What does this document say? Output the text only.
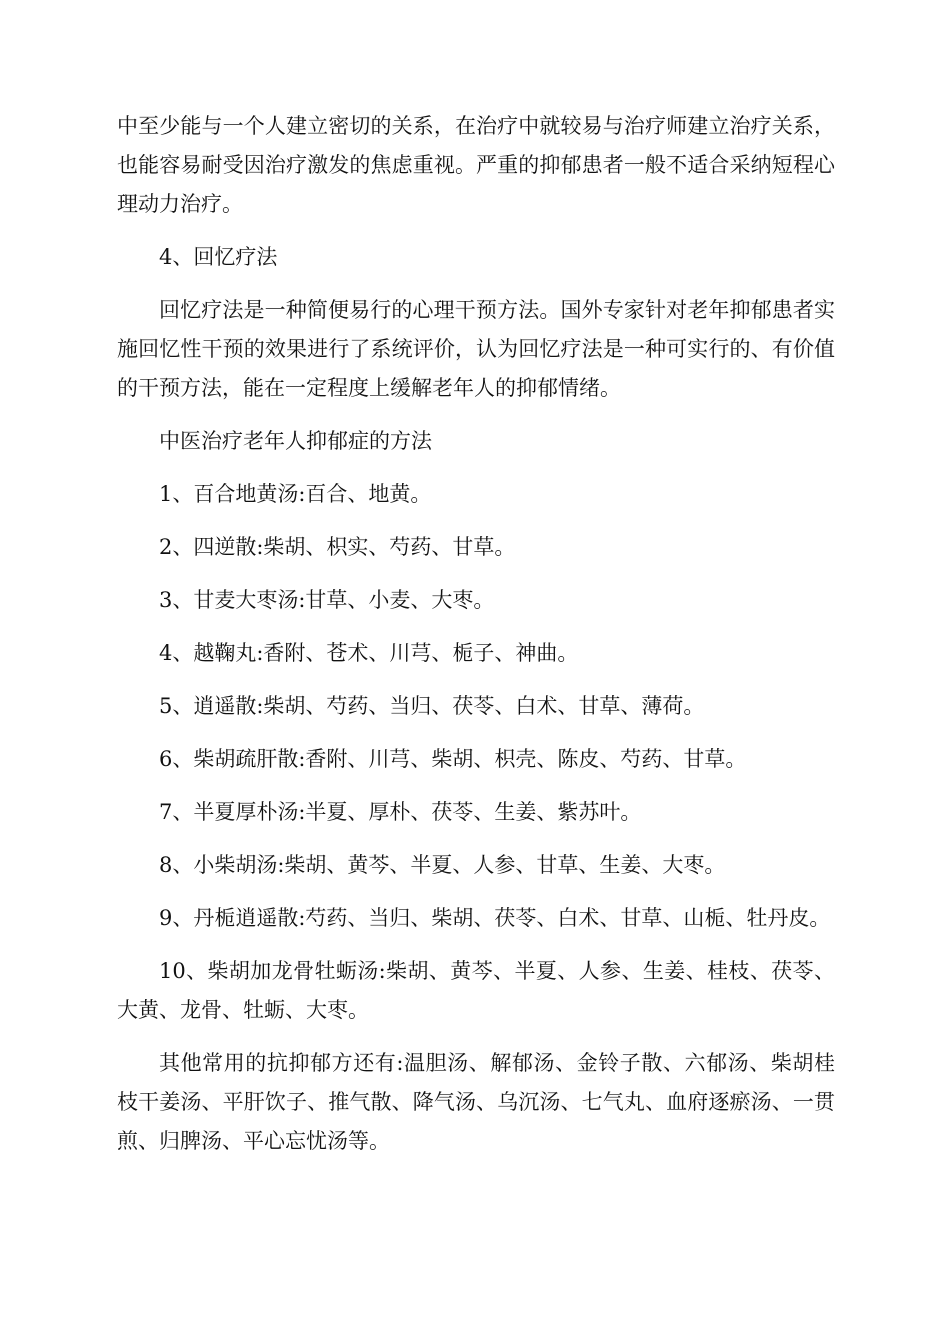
中至少能与一个人建立密切的关系，在治疗中就较易与治疗师建立治疗关系，也能容易耐受因治疗激发的焦虑重视。严重的抑郁患者一般不适合采纳短程心理动力治疗。

4、回忆疗法

回忆疗法是一种简便易行的心理干预方法。国外专家针对老年抑郁患者实施回忆性干预的效果进行了系统评价，认为回忆疗法是一种可实行的、有价值的干预方法，能在一定程度上缓解老年人的抑郁情绪。

中医治疗老年人抑郁症的方法

1、百合地黄汤:百合、地黄。

2、四逆散:柴胡、枳实、芍药、甘草。

3、甘麦大枣汤:甘草、小麦、大枣。

4、越鞠丸:香附、苍术、川芎、栀子、神曲。

5、逍遥散:柴胡、芍药、当归、茯苓、白术、甘草、薄荷。

6、柴胡疏肝散:香附、川芎、柴胡、枳壳、陈皮、芍药、甘草。

7、半夏厚朴汤:半夏、厚朴、茯苓、生姜、紫苏叶。

8、小柴胡汤:柴胡、黄芩、半夏、人参、甘草、生姜、大枣。

9、丹栀逍遥散:芍药、当归、柴胡、茯苓、白术、甘草、山栀、牡丹皮。

10、柴胡加龙骨牡蛎汤:柴胡、黄芩、半夏、人参、生姜、桂枝、茯苓、大黄、龙骨、牡蛎、大枣。

其他常用的抗抑郁方还有:温胆汤、解郁汤、金铃子散、六郁汤、柴胡桂枝干姜汤、平肝饮子、推气散、降气汤、乌沉汤、七气丸、血府逐瘀汤、一贯煎、归脾汤、平心忘忧汤等。
